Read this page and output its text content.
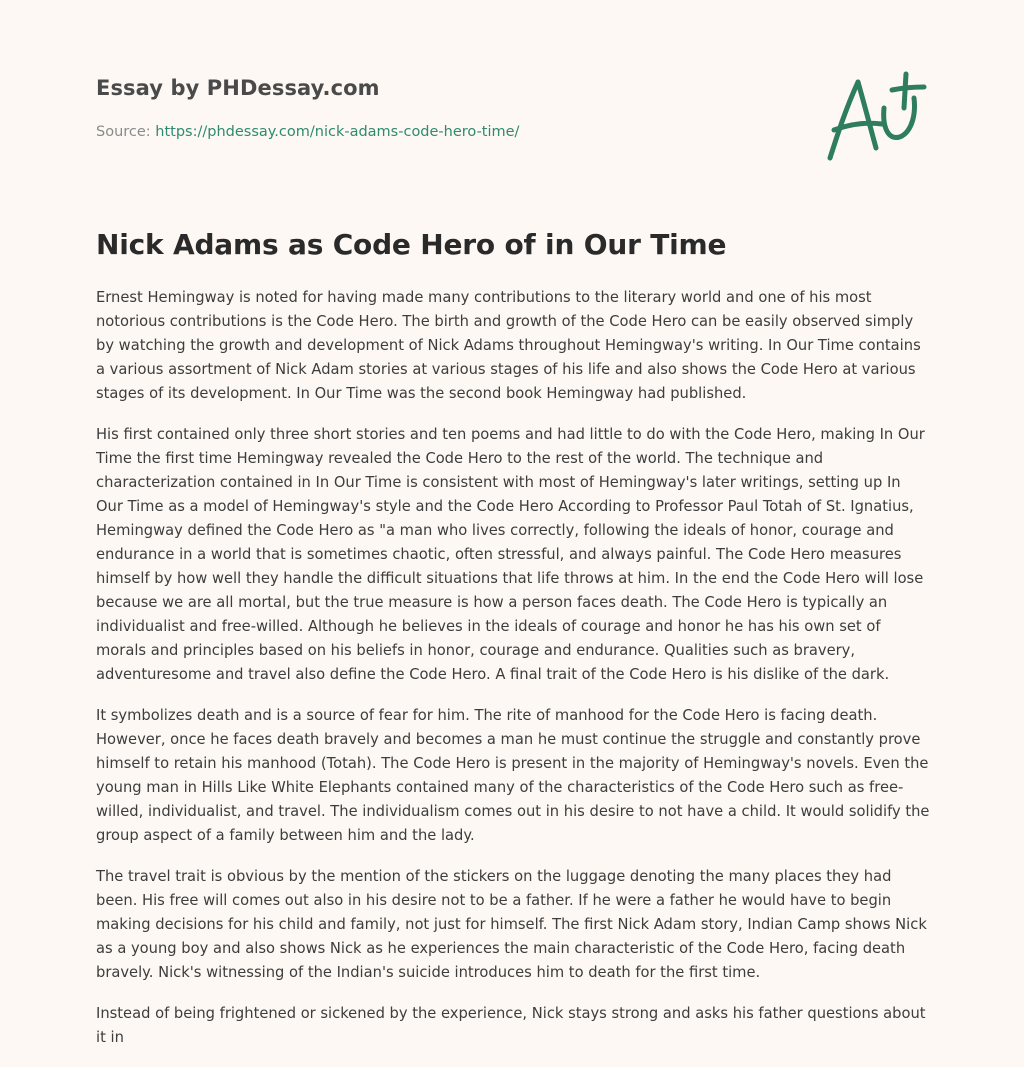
Essay by PHDessay.com
Source: https://phdessay.com/nick-adams-code-hero-time/
Nick Adams as Code Hero of in Our Time

Ernest Hemingway is noted for having made many contributions to the literary world and one of his most notorious contributions is the Code Hero. The birth and growth of the Code Hero can be easily observed simply by watching the growth and development of Nick Adams throughout Hemingway's writing. In Our Time contains a various assortment of Nick Adam stories at various stages of his life and also shows the Code Hero at various stages of its development. In Our Time was the second book Hemingway had published.

His first contained only three short stories and ten poems and had little to do with the Code Hero, making In Our Time the first time Hemingway revealed the Code Hero to the rest of the world. The technique and characterization contained in In Our Time is consistent with most of Hemingway's later writings, setting up In Our Time as a model of Hemingway's style and the Code Hero According to Professor Paul Totah of St. Ignatius, Hemingway defined the Code Hero as "a man who lives correctly, following the ideals of honor, courage and endurance in a world that is sometimes chaotic, often stressful, and always painful. The Code Hero measures himself by how well they handle the difficult situations that life throws at him. In the end the Code Hero will lose because we are all mortal, but the true measure is how a person faces death. The Code Hero is typically an individualist and free-willed. Although he believes in the ideals of courage and honor he has his own set of morals and principles based on his beliefs in honor, courage and endurance. Qualities such as bravery, adventuresome and travel also define the Code Hero. A final trait of the Code Hero is his dislike of the dark.

It symbolizes death and is a source of fear for him. The rite of manhood for the Code Hero is facing death. However, once he faces death bravely and becomes a man he must continue the struggle and constantly prove himself to retain his manhood (Totah). The Code Hero is present in the majority of Hemingway's novels. Even the young man in Hills Like White Elephants contained many of the characteristics of the Code Hero such as free-willed, individualist, and travel. The individualism comes out in his desire to not have a child. It would solidify the group aspect of a family between him and the lady.

The travel trait is obvious by the mention of the stickers on the luggage denoting the many places they had been. His free will comes out also in his desire not to be a father. If he were a father he would have to begin making decisions for his child and family, not just for himself. The first Nick Adam story, Indian Camp shows Nick as a young boy and also shows Nick as he experiences the main characteristic of the Code Hero, facing death bravely. Nick's witnessing of the Indian's suicide introduces him to death for the first time.

Instead of being frightened or sickened by the experience, Nick stays strong and asks his father questions about it in
